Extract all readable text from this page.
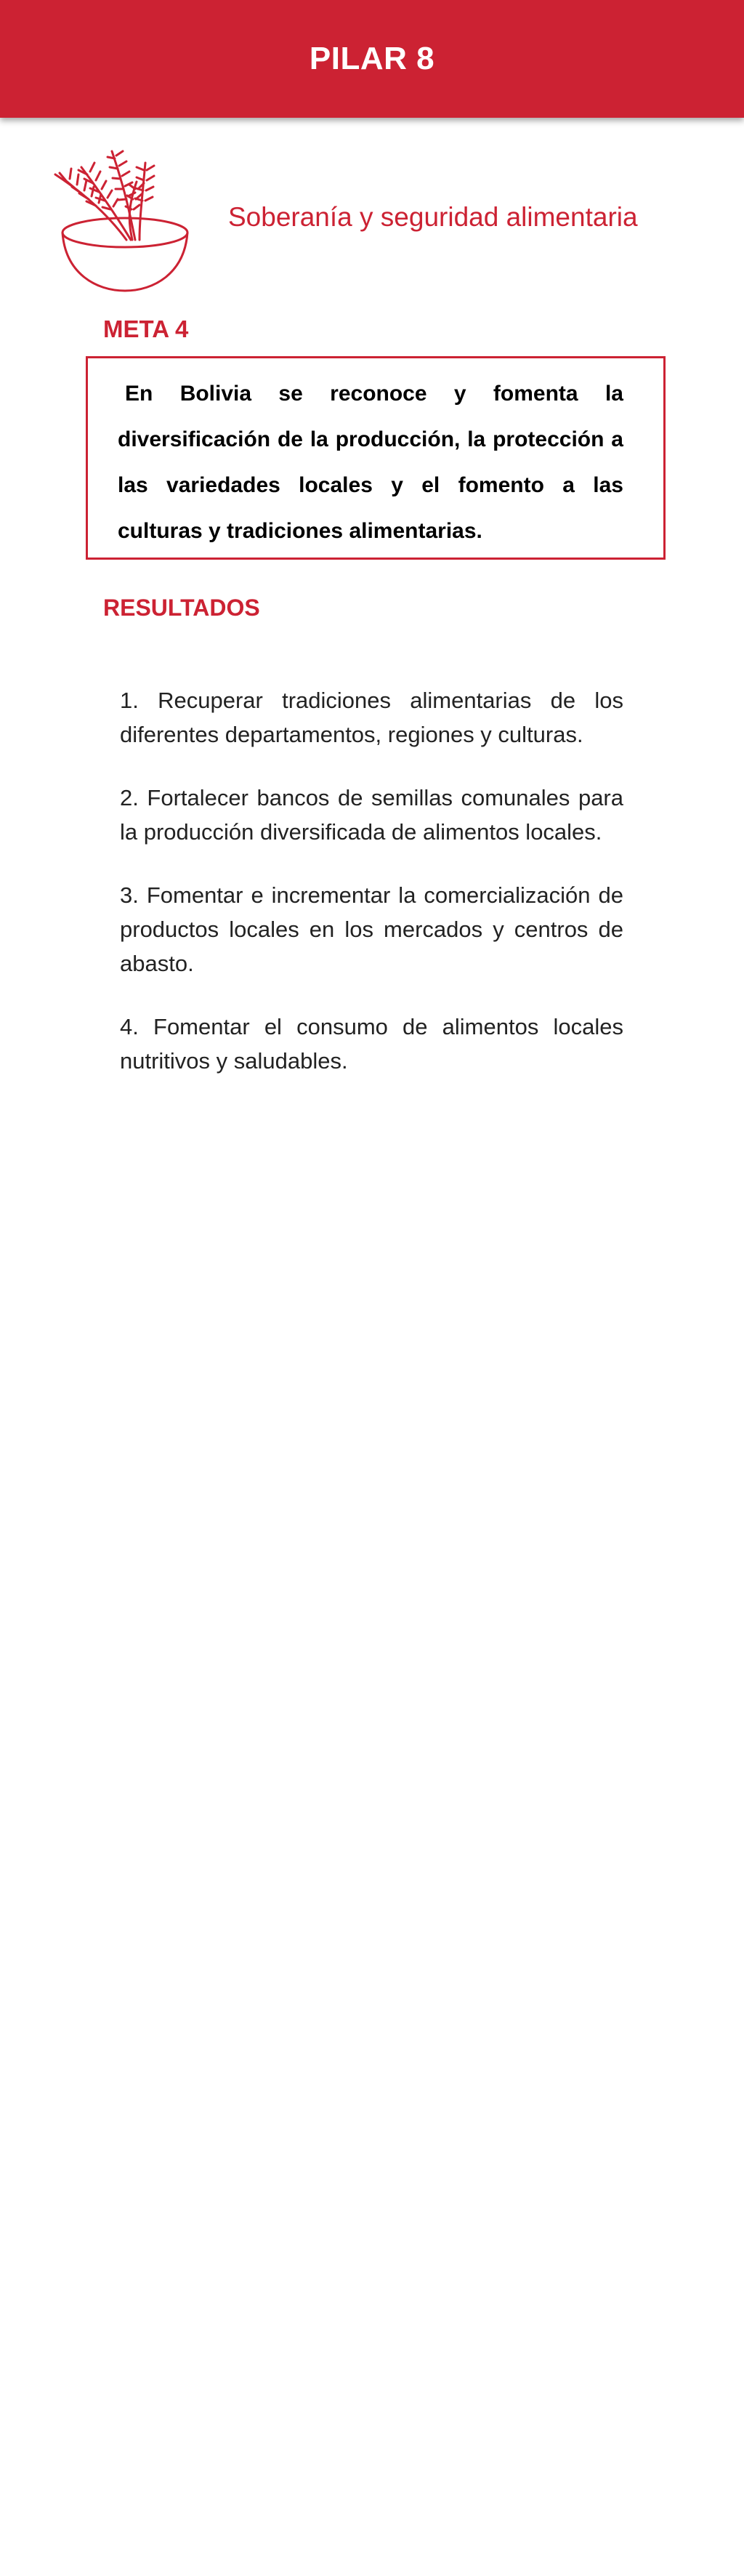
PILAR 8
Soberanía y seguridad alimentaria
META 4

En Bolivia se reconoce y fomenta la diversificación de la producción, la protección a las variedades locales y el fomento a las culturas y tradiciones alimentarias.

RESULTADOS
1. Recuperar tradiciones alimentarias de los diferentes departamentos, regiones y culturas.
2. Fortalecer bancos de semillas comunales para la producción diversificada de alimentos locales.
3. Fomentar e incrementar la comercialización de productos locales en los mercados y centros de abasto.
4. Fomentar el consumo de alimentos locales nutritivos y saludables.
